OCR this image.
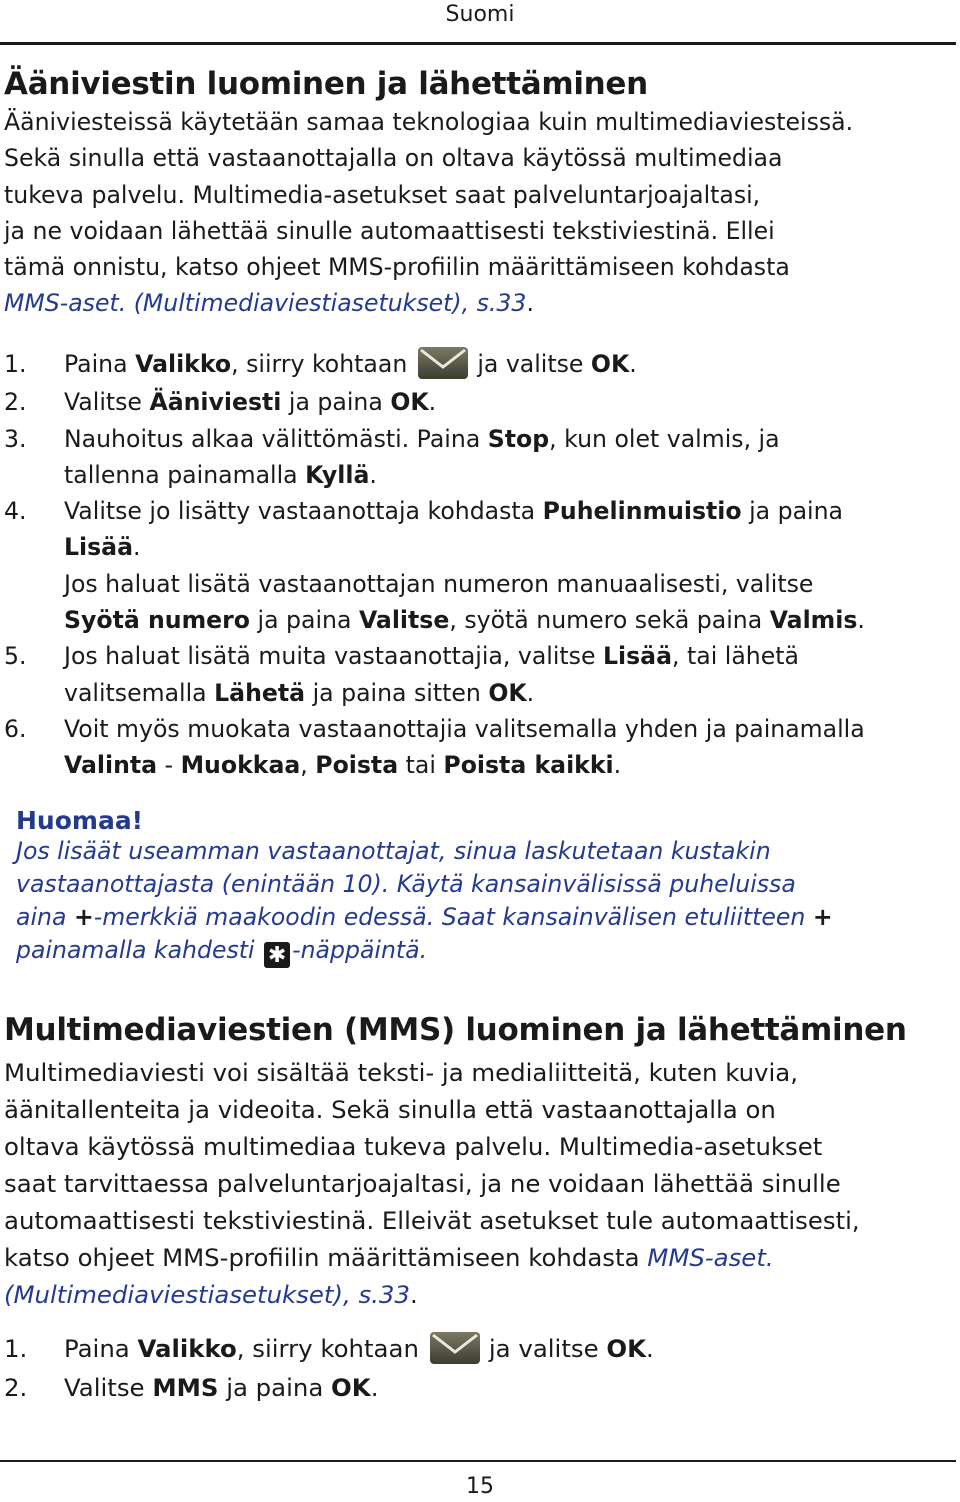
Suomi
Ääniviestin luominen ja lähettäminen

Ääniviesteissä käytetään samaa teknologiaa kuin multimediaviesteissä.

Sekä sinulla että vastaanottajalla on oltava käytössä multimediaa

tukeva palvelu. Multimedia-asetukset saat palveluntarjoajaltasi,

ja ne voidaan lähettää sinulle automaattisesti tekstiviestinä. Ellei

tämä onnistu, katso ohjeet MMS-profiilin määrittämiseen kohdasta

MMS-aset. (Multimediaviestiasetukset), s.33.

1. Paina Valikko, siirry kohtaan	ja valitse OK.
2. Valitse Ääniviesti ja paina OK.
3. Nauhoitus alkaa välittömästi. Paina Stop, kun olet valmis, ja
tallenna painamalla Kyllä.
4. Valitse jo lisätty vastaanottaja kohdasta Puhelinmuistio ja paina
Lisää.
Jos haluat lisätä vastaanottajan numeron manuaalisesti, valitse
Syötä numero ja paina Valitse, syötä numero sekä paina Valmis.
5. Jos haluat lisätä muita vastaanottajia, valitse Lisää, tai lähetä
valitsemalla Lähetä ja paina sitten OK.
6. Voit myös muokata vastaanottajia valitsemalla yhden ja painamalla
Valinta - Muokkaa, Poista tai Poista kaikki.

Huomaa!

Jos lisäät useamman vastaanottajat, sinua laskutetaan kustakin

vastaanottajasta (enintään 10). Käytä kansainvälisissä puheluissa

aina +-merkkiä maakoodin edessä. Saat kansainvälisen etuliitteen +

painamalla kahdesti ✱ -näppäintä.

Multimediaviestien (MMS) luominen ja lähettäminen

Multimediaviesti voi sisältää teksti- ja medialiitteitä, kuten kuvia,

äänitallenteita ja videoita. Sekä sinulla että vastaanottajalla on

oltava käytössä multimediaa tukeva palvelu. Multimedia-asetukset

saat tarvittaessa palveluntarjoajaltasi, ja ne voidaan lähettää sinulle

automaattisesti tekstiviestinä. Elleivät asetukset tule automaattisesti,

katso ohjeet MMS-profiilin määrittämiseen kohdasta MMS-aset.

(Multimediaviestiasetukset), s.33.

1. Paina Valikko, siirry kohtaan	ja valitse OK.
2. Valitse MMS ja paina OK.
15
